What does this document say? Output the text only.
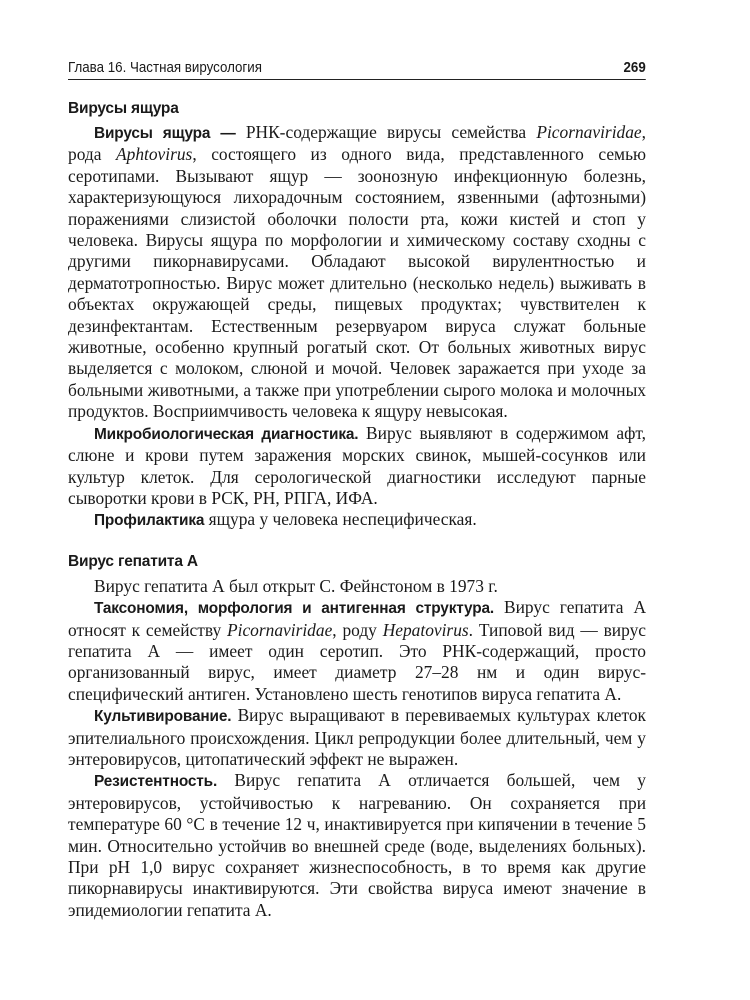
Глава 16. Частная вирусология	269
Вирусы ящура

Вирусы ящура — РНК-содержащие вирусы семейства Picornaviridae, рода Aphtovirus, состоящего из одного вида, представленного семью серотипами. Вызывают ящур — зоонозную инфекционную болезнь, характеризующуюся лихорадочным состоянием, язвенными (афтозными) поражениями слизистой оболочки полости рта, кожи кистей и стоп у человека. Вирусы ящура по морфологии и химическому составу сходны с другими пикорнавирусами. Обладают высокой вирулентностью и дерматотропностью. Вирус может длительно (несколько недель) выживать в объектах окружающей среды, пищевых продуктах; чувствителен к дезинфектантам. Естественным резервуаром вируса служат больные животные, особенно крупный рогатый скот. От больных животных вирус выделяется с молоком, слюной и мочой. Человек заражается при уходе за больными животными, а также при употреблении сырого молока и молочных продуктов. Восприимчивость человека к ящуру невысокая.

Микробиологическая диагностика. Вирус выявляют в содержимом афт, слюне и крови путем заражения морских свинок, мышей-сосунков или культур клеток. Для серологической диагностики исследуют парные сыворотки крови в РСК, РН, РПГА, ИФА.

Профилактика ящура у человека неспецифическая.

Вирус гепатита А

Вирус гепатита А был открыт С. Фейнстоном в 1973 г.

Таксономия, морфология и антигенная структура. Вирус гепатита А относят к семейству Picornaviridae, роду Hepatovirus. Типовой вид — вирус гепатита А — имеет один серотип. Это РНК-содержащий, просто организованный вирус, имеет диаметр 27–28 нм и один вирус-специфический антиген. Установлено шесть генотипов вируса гепатита А.

Культивирование. Вирус выращивают в перевиваемых культурах клеток эпителиального происхождения. Цикл репродукции более длительный, чем у энтеровирусов, цитопатический эффект не выражен.

Резистентность. Вирус гепатита А отличается большей, чем у энтеровирусов, устойчивостью к нагреванию. Он сохраняется при температуре 60 °С в течение 12 ч, инактивируется при кипячении в течение 5 мин. Относительно устойчив во внешней среде (воде, выделениях больных). При рН 1,0 вирус сохраняет жизнеспособность, в то время как другие пикорнавирусы инактивируются. Эти свойства вируса имеют значение в эпидемиологии гепатита А.
